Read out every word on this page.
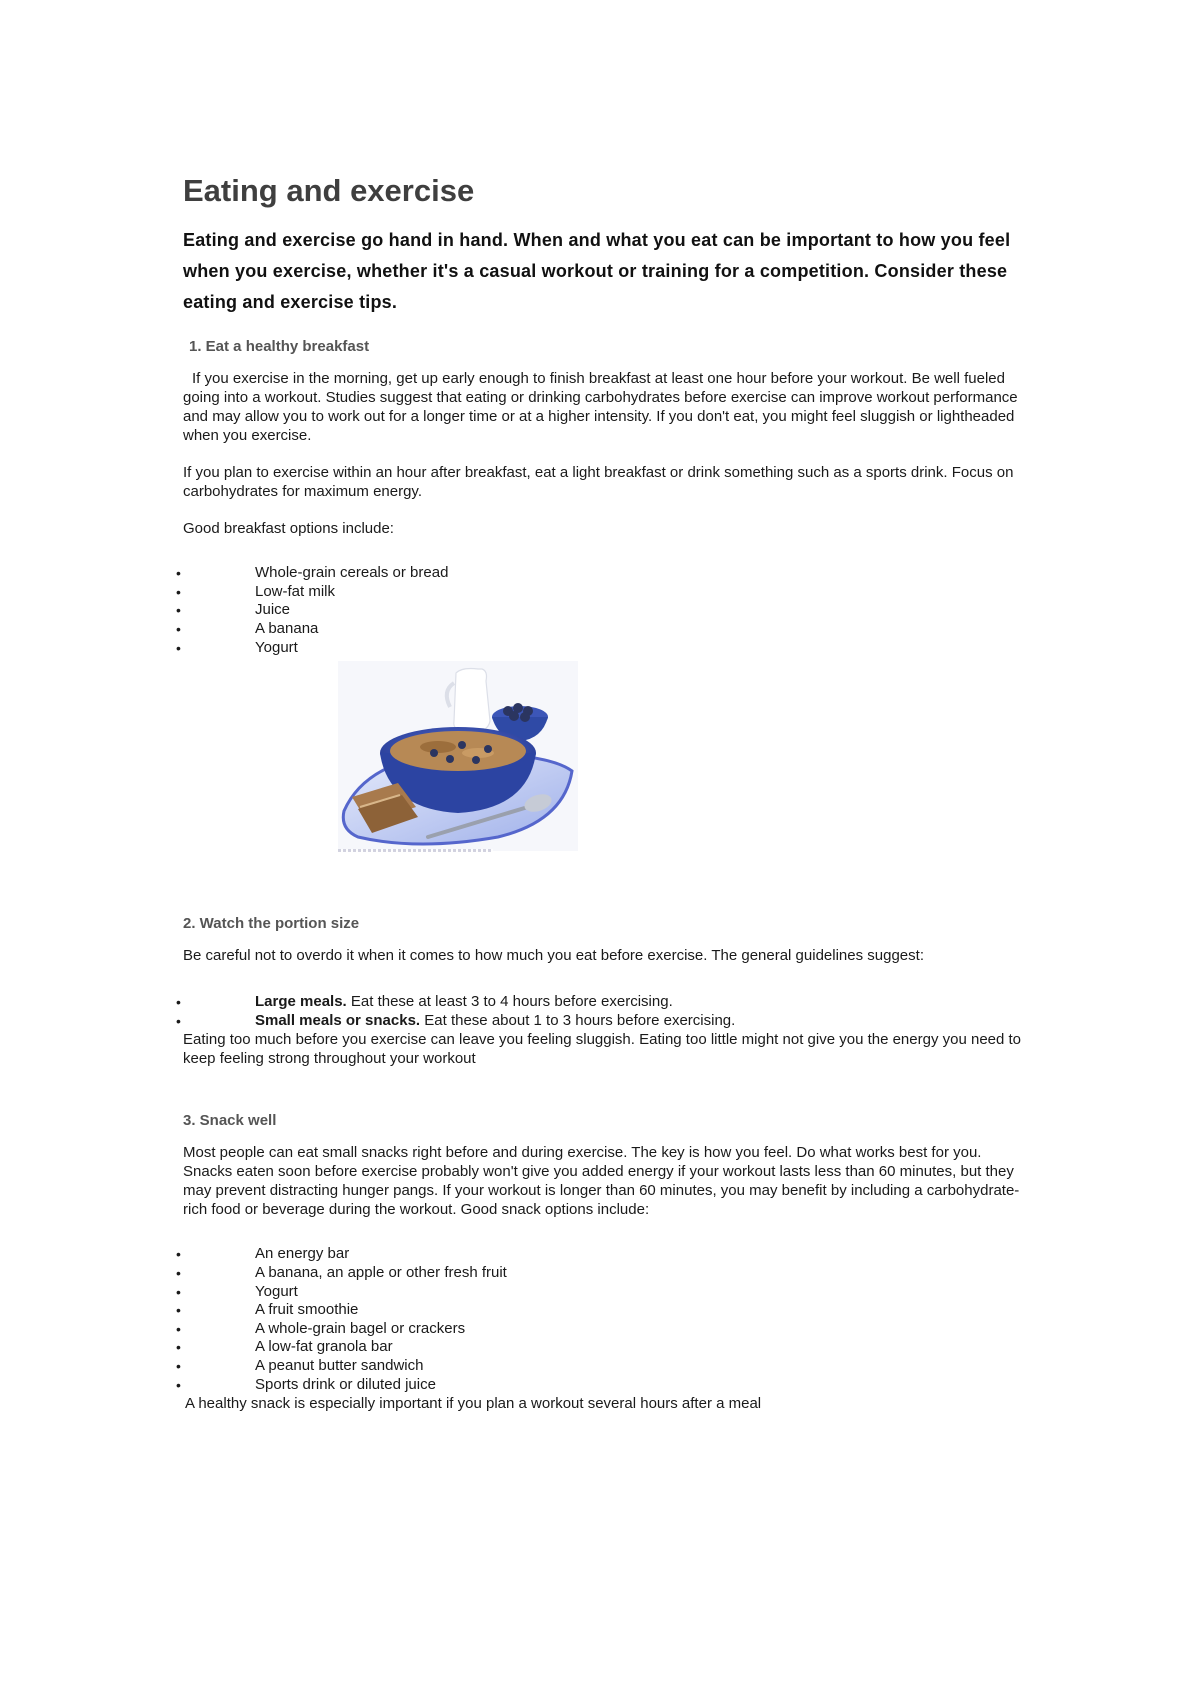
Eating and exercise

Eating and exercise go hand in hand. When and what you eat can be important to how you feel when you exercise, whether it's a casual workout or training for a competition. Consider these eating and exercise tips.

1. Eat a healthy breakfast

If you exercise in the morning, get up early enough to finish breakfast at least one hour before your workout. Be well fueled going into a workout. Studies suggest that eating or drinking carbohydrates before exercise can improve workout performance and may allow you to work out for a longer time or at a higher intensity. If you don't eat, you might feel sluggish or lightheaded when you exercise.

If you plan to exercise within an hour after breakfast, eat a light breakfast or drink something such as a sports drink. Focus on carbohydrates for maximum energy.

Good breakfast options include:

•	Whole-grain cereals or bread
•	Low-fat milk
•	Juice
•	A banana
•	Yogurt
2. Watch the portion size

Be careful not to overdo it when it comes to how much you eat before exercise. The general guidelines suggest:

•	Large meals. Eat these at least 3 to 4 hours before exercising.
•	Small meals or snacks. Eat these about 1 to 3 hours before exercising.

Eating too much before you exercise can leave you feeling sluggish. Eating too little might not give you the energy you need to keep feeling strong throughout your workout

3. Snack well

Most people can eat small snacks right before and during exercise. The key is how you feel. Do what works best for you. Snacks eaten soon before exercise probably won't give you added energy if your workout lasts less than 60 minutes, but they may prevent distracting hunger pangs. If your workout is longer than 60 minutes, you may benefit by including a carbohydrate-rich food or beverage during the workout. Good snack options include:

•	An energy bar
•	A banana, an apple or other fresh fruit
•	Yogurt
•	A fruit smoothie
•	A whole-grain bagel or crackers
•	A low-fat granola bar
•	A peanut butter sandwich
•	Sports drink or diluted juice

A healthy snack is especially important if you plan a workout several hours after a meal
